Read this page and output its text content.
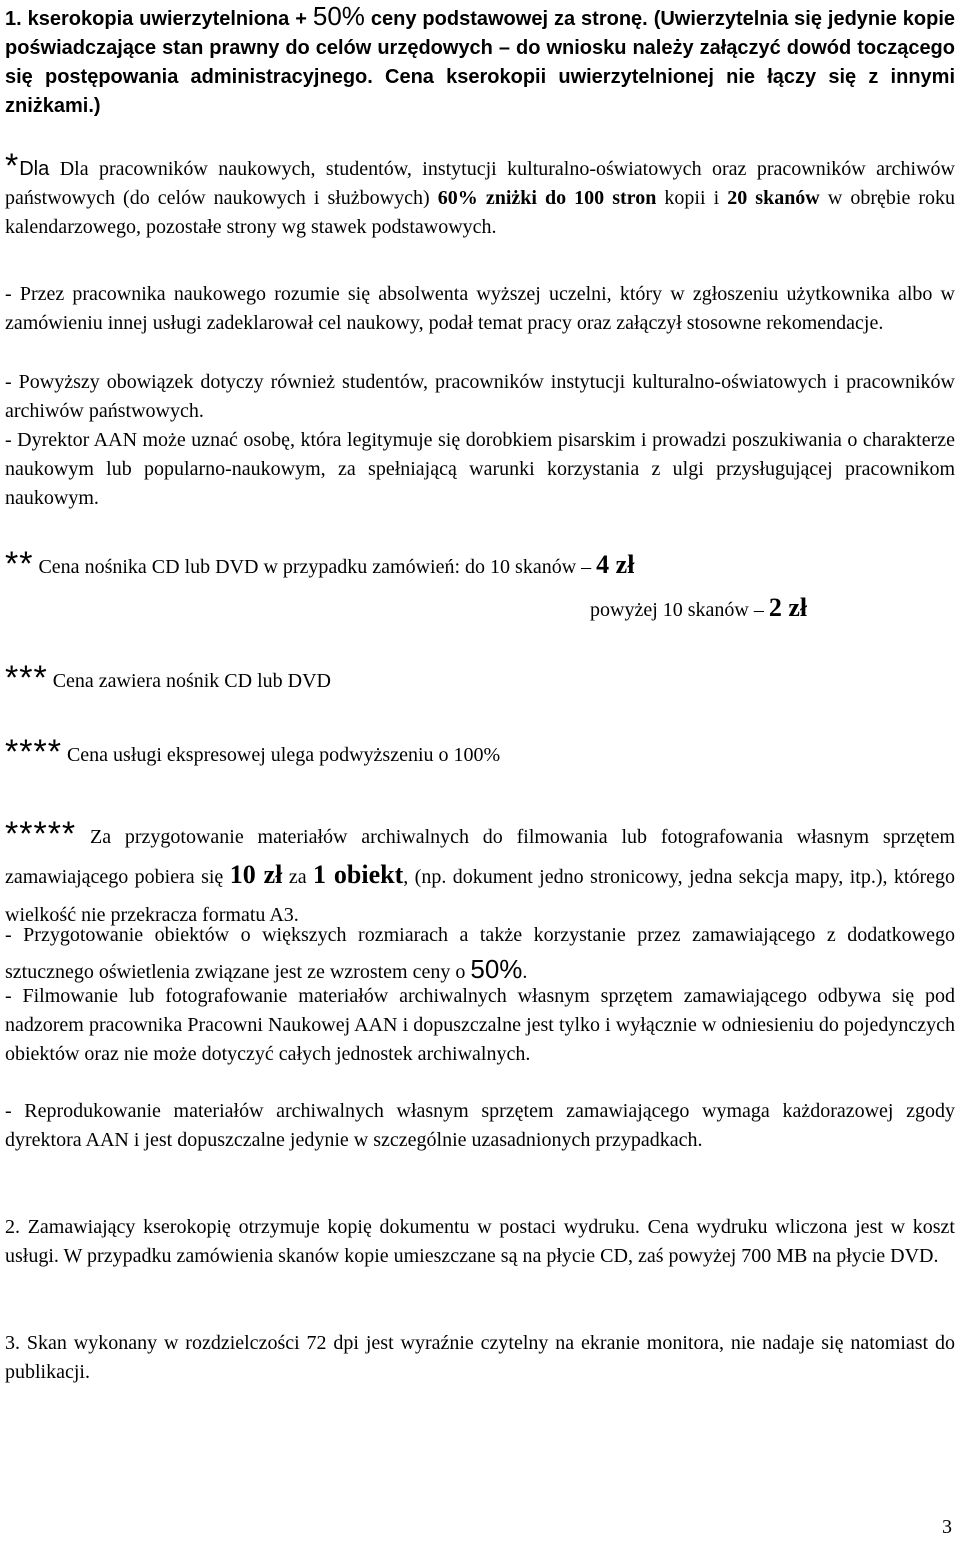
1. kserokopia uwierzytelniona + 50% ceny podstawowej za stronę. (Uwierzytelnia się jedynie kopie poświadczające stan prawny do celów urzędowych – do wniosku należy załączyć dowód toczącego się postępowania administracyjnego. Cena kserokopii uwierzytelnionej nie łączy się z innymi zniżkami.)

*Dla Dla pracowników naukowych, studentów, instytucji kulturalno-oświatowych oraz pracowników archiwów państwowych (do celów naukowych i służbowych) 60% zniżki do 100 stron kopii i 20 skanów w obrębie roku kalendarzowego, pozostałe strony wg stawek podstawowych.

- Przez pracownika naukowego rozumie się absolwenta wyższej uczelni, który w zgłoszeniu użytkownika albo w zamówieniu innej usługi zadeklarował cel naukowy, podał temat pracy oraz załączył stosowne rekomendacje.

- Powyższy obowiązek dotyczy również studentów, pracowników instytucji kulturalno-oświatowych i pracowników archiwów państwowych.

- Dyrektor AAN może uznać osobę, która legitymuje się dorobkiem pisarskim i prowadzi poszukiwania o charakterze naukowym lub popularno-naukowym, za spełniającą warunki korzystania z ulgi przysługującej pracownikom naukowym.

** Cena nośnika CD lub DVD w przypadku zamówień: do 10 skanów – 4 zł

powyżej 10 skanów – 2 zł

*** Cena zawiera nośnik CD lub DVD

**** Cena usługi ekspresowej ulega podwyższeniu o 100%

***** Za przygotowanie materiałów archiwalnych do filmowania lub fotografowania własnym sprzętem zamawiającego pobiera się 10 zł za 1 obiekt, (np. dokument jedno stronicowy, jedna sekcja mapy, itp.), którego wielkość nie przekracza formatu A3.

- Przygotowanie obiektów o większych rozmiarach a także korzystanie przez zamawiającego z dodatkowego sztucznego oświetlenia związane jest ze wzrostem ceny o 50%.

- Filmowanie lub fotografowanie materiałów archiwalnych własnym sprzętem zamawiającego odbywa się pod nadzorem pracownika Pracowni Naukowej AAN i dopuszczalne jest tylko i wyłącznie w odniesieniu do pojedynczych obiektów oraz nie może dotyczyć całych jednostek archiwalnych.

- Reprodukowanie materiałów archiwalnych własnym sprzętem zamawiającego wymaga każdorazowej zgody dyrektora AAN i jest dopuszczalne jedynie w szczególnie uzasadnionych przypadkach.

2. Zamawiający kserokopię otrzymuje kopię dokumentu w postaci wydruku. Cena wydruku wliczona jest w koszt usługi. W przypadku zamówienia skanów kopie umieszczane są na płycie CD, zaś powyżej 700 MB na płycie DVD.

3. Skan wykonany w rozdzielczości 72 dpi jest wyraźnie czytelny na ekranie monitora, nie nadaje się natomiast do publikacji.

3
